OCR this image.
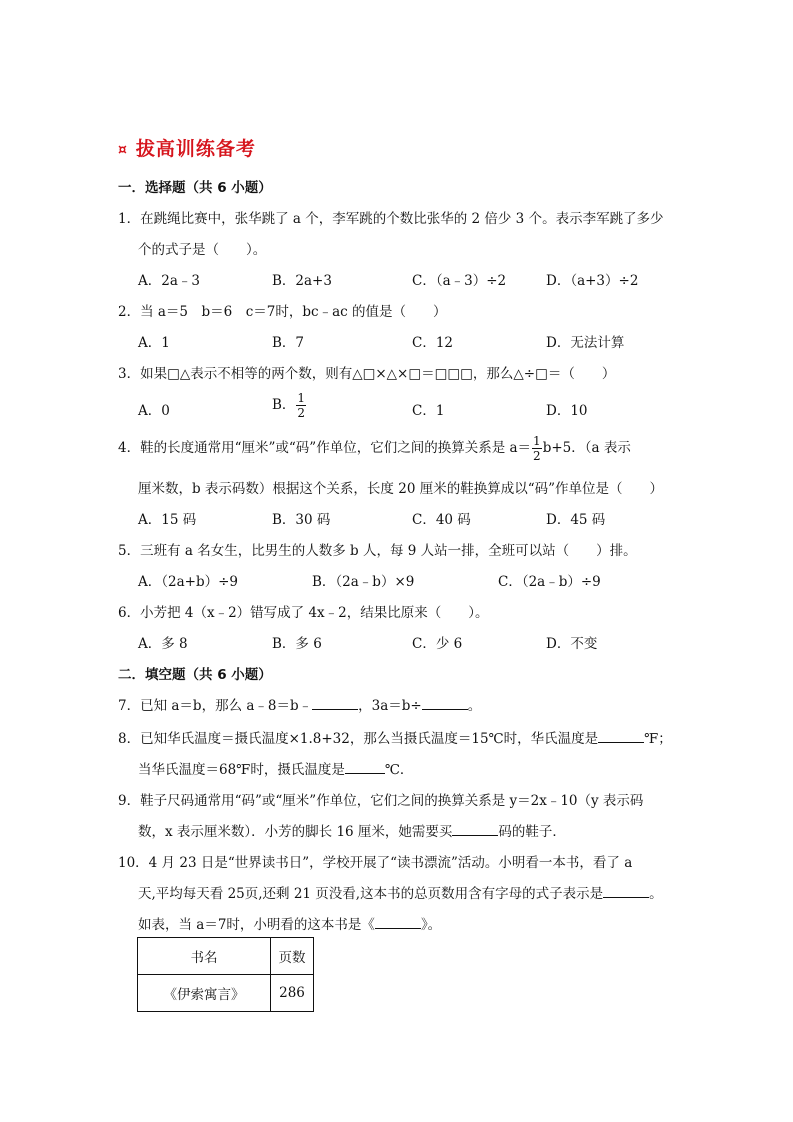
¤ 拔高训练备考
一．选择题（共 6 小题）
1．在跳绳比赛中，张华跳了 a 个，李军跳的个数比张华的 2 倍少 3 个。表示李军跳了多少
个的式子是（　　）。
A．2a﹣3	B．2a+3	C．（a﹣3）÷2	D．（a+3）÷2
2．当 a＝5　b＝6　c＝7时，bc﹣ac 的值是（　　）
A．1	B．7	C．12	D．无法计算
3．如果□△表示不相等的两个数，则有△□×△×□＝□□□，那么△÷□＝（　　）
A．0	B． $\frac{1}{2}$	C．1	D．10
4．鞋的长度通常用“厘米”或“码”作单位，它们之间的换算关系是 $a= \frac{1}{2} b+5$．（a 表示
厘米数，b 表示码数）根据这个关系，长度 20 厘米的鞋换算成以“码”作单位是（　　）
A．15 码	B．30 码	C．40 码	D．45 码
5．三班有 a 名女生，比男生的人数多 b 人，每 9 人站一排，全班可以站（　　）排。
A．（2a+b）÷9	B．（2a﹣b）×9	C．（2a﹣b）÷9
6．小芳把 4（x﹣2）错写成了 4x﹣2，结果比原来（　　）。
A．多 8	B．多 6	C．少 6	D．不变
二．填空题（共 6 小题）
7．已知 a＝b，那么 a﹣8＝b﹣	，3a＝b÷	。
8．已知华氏温度＝摄氏温度×1.8+32，那么当摄氏温度＝15℃时，华氏温度是	℉；
当华氏温度＝68℉时，摄氏温度是	℃．
9．鞋子尺码通常用“码”或“厘米”作单位，它们之间的换算关系是 y＝2x﹣10（y 表示码
数，x 表示厘米数）．小芳的脚长 16 厘米，她需要买	码的鞋子．
10．4 月 23 日是“世界读书日”，学校开展了“读书漂流”活动。小明看一本书，看了 a
天,平均每天看 25页,还剩 21 页没看,这本书的总页数用含有字母的式子表示是	。
如表，当 a＝7时，小明看的这本书是《	》。
书名	页数
《伊索寓言》	286
